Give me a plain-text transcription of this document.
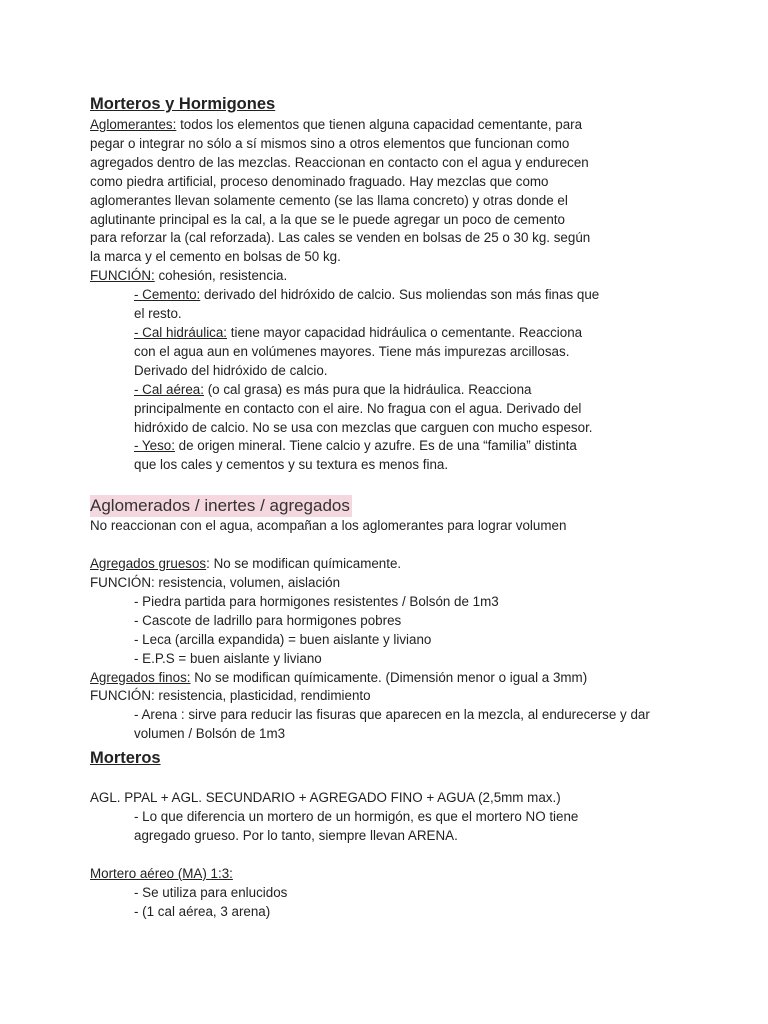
Morteros y Hormigones
Aglomerantes: todos los elementos que tienen alguna capacidad cementante, para
pegar o integrar no sólo a sí mismos sino a otros elementos que funcionan como
agregados dentro de las mezclas. Reaccionan en contacto con el agua y endurecen
como piedra artificial, proceso denominado fraguado. Hay mezclas que como
aglomerantes llevan solamente cemento (se las llama concreto) y otras donde el
aglutinante principal es la cal, a la que se le puede agregar un poco de cemento
para reforzar la (cal reforzada). Las cales se venden en bolsas de 25 o 30 kg. según
la marca y el cemento en bolsas de 50 kg.
FUNCIÓN: cohesión, resistencia.
- Cemento: derivado del hidróxido de calcio. Sus moliendas son más finas que
el resto.
- Cal hidráulica: tiene mayor capacidad hidráulica o cementante. Reacciona
con el agua aun en volúmenes mayores. Tiene más impurezas arcillosas.
Derivado del hidróxido de calcio.
- Cal aérea: (o cal grasa) es más pura que la hidráulica. Reacciona
principalmente en contacto con el aire. No fragua con el agua. Derivado del
hidróxido de calcio. No se usa con mezclas que carguen con mucho espesor.
- Yeso: de origen mineral. Tiene calcio y azufre. Es de una “familia” distinta
que los cales y cementos y su textura es menos fina.
Aglomerados / inertes / agregados
No reaccionan con el agua, acompañan a los aglomerantes para lograr volumen
Agregados gruesos: No se modifican químicamente.
FUNCIÓN: resistencia, volumen, aislación
- Piedra partida para hormigones resistentes / Bolsón de 1m3
- Cascote de ladrillo para hormigones pobres
- Leca (arcilla expandida) = buen aislante y liviano
- E.P.S = buen aislante y liviano
Agregados finos: No se modifican químicamente. (Dimensión menor o igual a 3mm)
FUNCIÓN: resistencia, plasticidad, rendimiento
- Arena : sirve para reducir las fisuras que aparecen en la mezcla, al endurecerse y dar
volumen / Bolsón de 1m3
Morteros
AGL. PPAL + AGL. SECUNDARIO + AGREGADO FINO + AGUA (2,5mm max.)
- Lo que diferencia un mortero de un hormigón, es que el mortero NO tiene
agregado grueso. Por lo tanto, siempre llevan ARENA.
Mortero aéreo (MA) 1:3:
- Se utiliza para enlucidos
- (1 cal aérea, 3 arena)
